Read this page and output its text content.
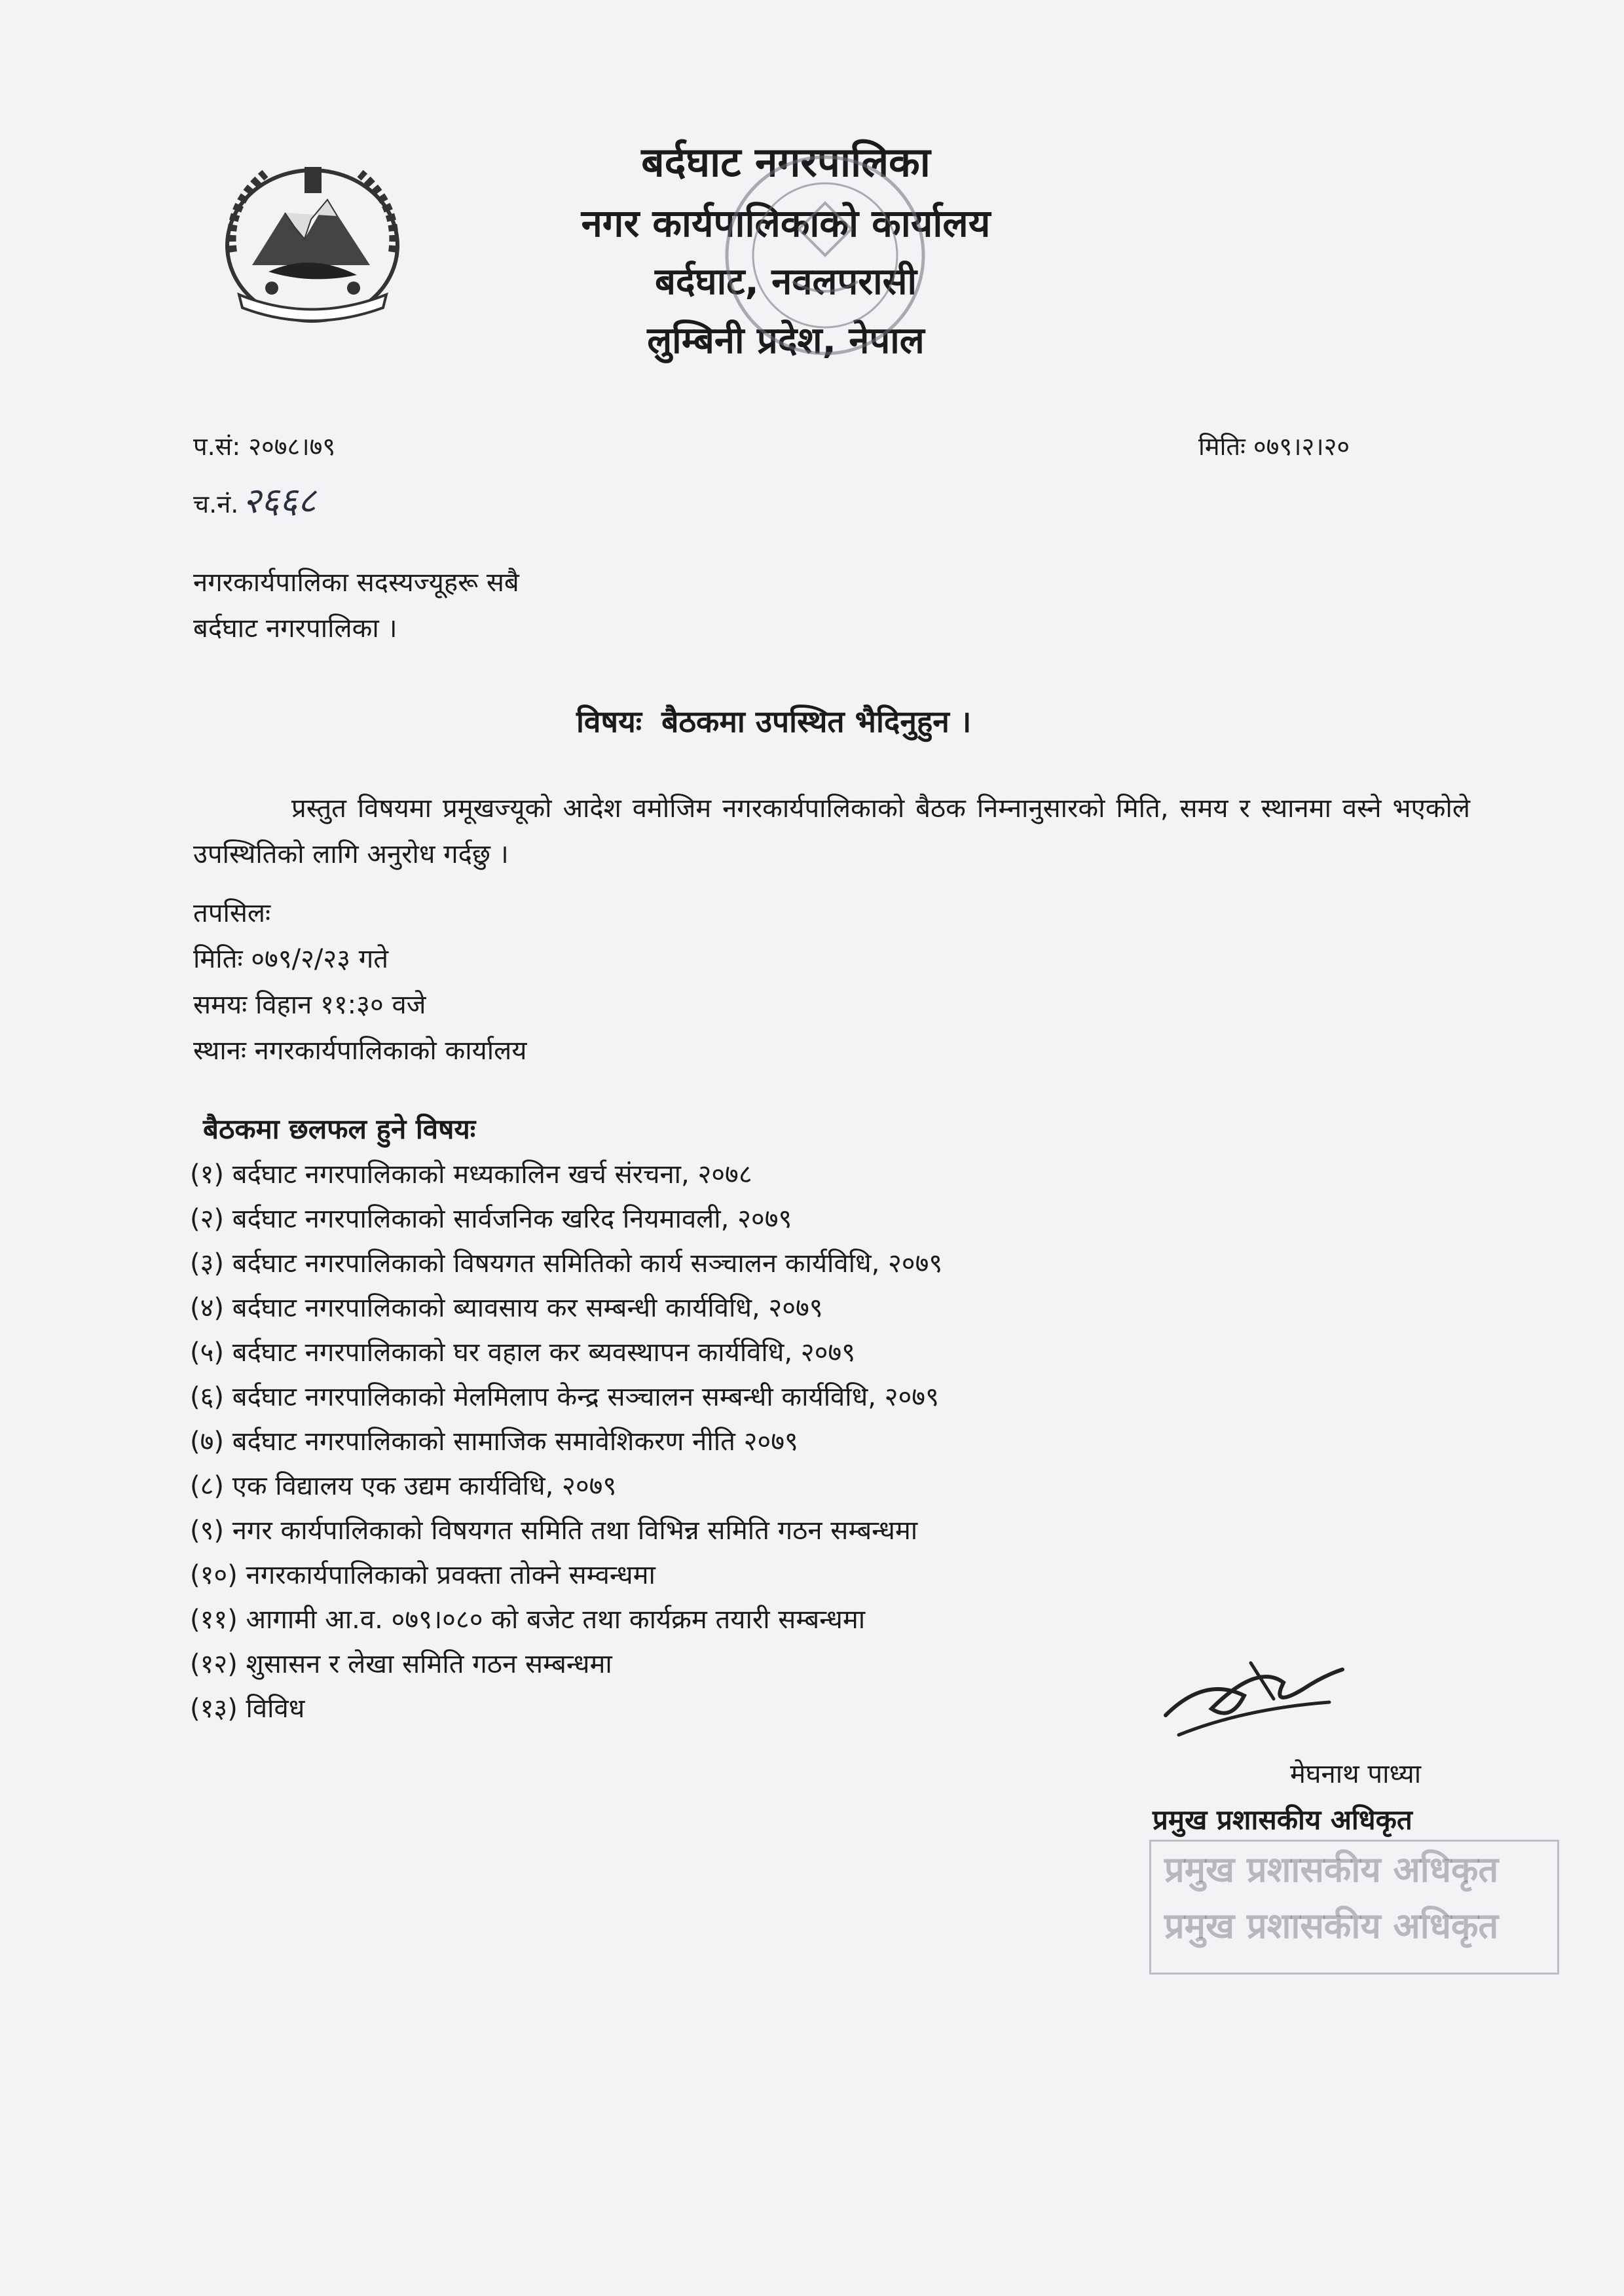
बर्दघाट नगरपालिका
नगर कार्यपालिकाको कार्यालय
बर्दघाट, नवलपरासी
लुम्बिनी प्रदेश, नेपाल
प.सं: २०७८।७९
च.नं. २६६८
मितिः ०७९।२।२०
नगरकार्यपालिका सदस्यज्यूहरू सबै
बर्दघाट नगरपालिका ।
विषयः बैठकमा उपस्थित भैदिनुहुन ।

प्रस्तुत विषयमा प्रमूखज्यूको आदेश वमोजिम नगरकार्यपालिकाको बैठक निम्नानुसारको मिति, समय र स्थानमा वस्ने भएकोले उपस्थितिको लागि अनुरोध गर्दछु ।

तपसिलः
मितिः ०७९/२/२३ गते
समयः विहान ११:३० वजे
स्थानः नगरकार्यपालिकाको कार्यालय
बैठकमा छलफल हुने विषयः
(१) बर्दघाट नगरपालिकाको मध्यकालिन खर्च संरचना, २०७८
(२) बर्दघाट नगरपालिकाको सार्वजनिक खरिद नियमावली, २०७९
(३) बर्दघाट नगरपालिकाको विषयगत समितिको कार्य सञ्चालन कार्यविधि, २०७९
(४) बर्दघाट नगरपालिकाको ब्यावसाय कर सम्बन्धी कार्यविधि, २०७९
(५) बर्दघाट नगरपालिकाको घर वहाल कर ब्यवस्थापन कार्यविधि, २०७९
(६) बर्दघाट नगरपालिकाको मेलमिलाप केन्द्र सञ्चालन सम्बन्धी कार्यविधि, २०७९
(७) बर्दघाट नगरपालिकाको सामाजिक समावेशिकरण नीति २०७९
(८) एक विद्यालय एक उद्यम कार्यविधि, २०७९
(९) नगर कार्यपालिकाको विषयगत समिति तथा विभिन्न समिति गठन सम्बन्धमा
(१०) नगरकार्यपालिकाको प्रवक्ता तोक्ने सम्वन्धमा
(११) आगामी आ.व. ०७९।०८० को बजेट तथा कार्यक्रम तयारी सम्बन्धमा
(१२) शुसासन र लेखा समिति गठन सम्बन्धमा
(१३) विविध
मेघनाथ पाध्या
प्रमुख प्रशासकीय अधिकृत
प्रमुख प्रशासकीय अधिकृत
प्रमुख प्रशासकीय अधिकृत
